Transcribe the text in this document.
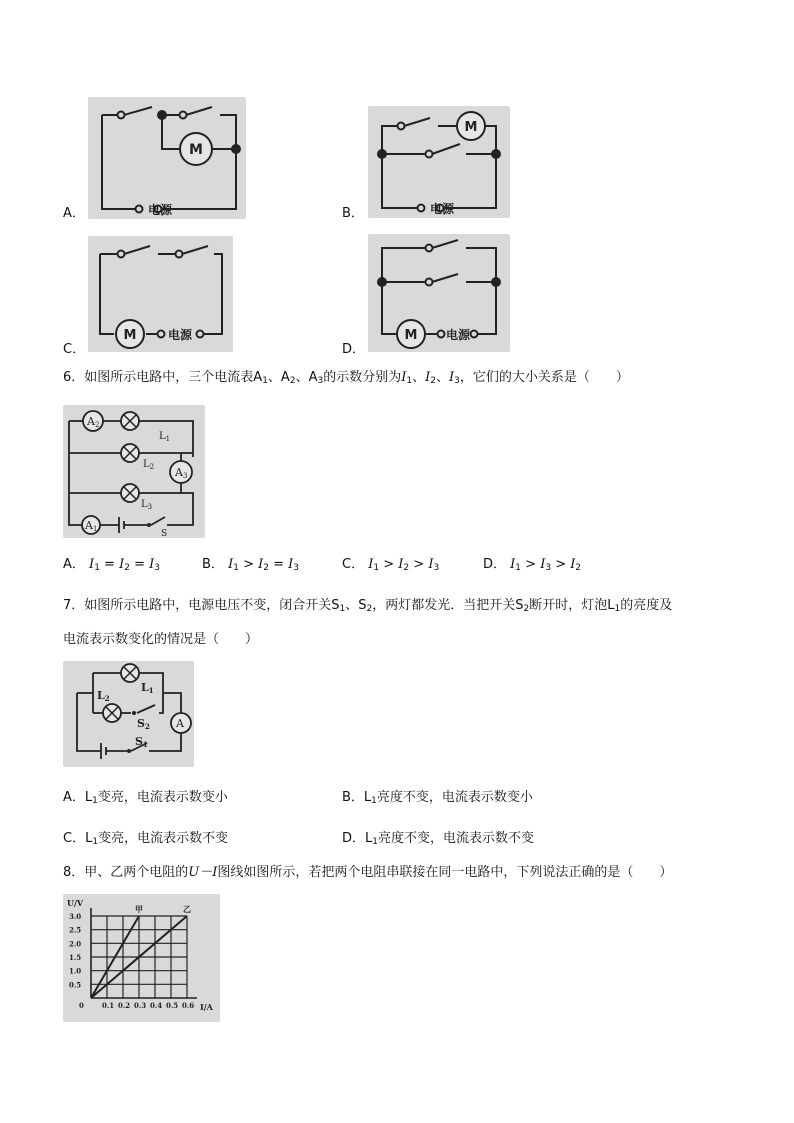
A．
M
电源	B．
M
电源
C．
M	电源
D．
M 电源
6．如图所示电路中，三个电流表$A_1$、$A_2$、$A_3$的示数分别为$I_1$、$I_2$、$I_3$，它们的大小关系是（　　）
A2
A3
A1
$L_1$
$L_2$
$L_3$
S
A． $I_1 = I_2 = I_3$	B． $I_1 > I_2 = I_3$	C． $I_1 > I_2 > I_3$	D． $I_1 > I_3 > I_2$
7．如图所示电路中，电源电压不变，闭合开关$S_1$、$S_2$，两灯都发光．当把开关$S_2$断开时，灯泡$L_1$的亮度及
电流表示数变化的情况是（　　）
L1
L2
S2
S1
A
A．$L_1$变亮，电流表示数变小	B．$L_1$亮度不变，电流表示数变小
C．$L_1$变亮，电流表示数不变	D．$L_1$亮度不变，电流表示数不变
8．甲、乙两个电阻的U－I图线如图所示，若把两个电阻串联接在同一电路中，下列说法正确的是（　　）
0.1 0.2 0.3 0.4 0.5 0.6
0.5
1.0
1.5
2.0
2.5
3.0
0
U/V
I/A
甲	乙
